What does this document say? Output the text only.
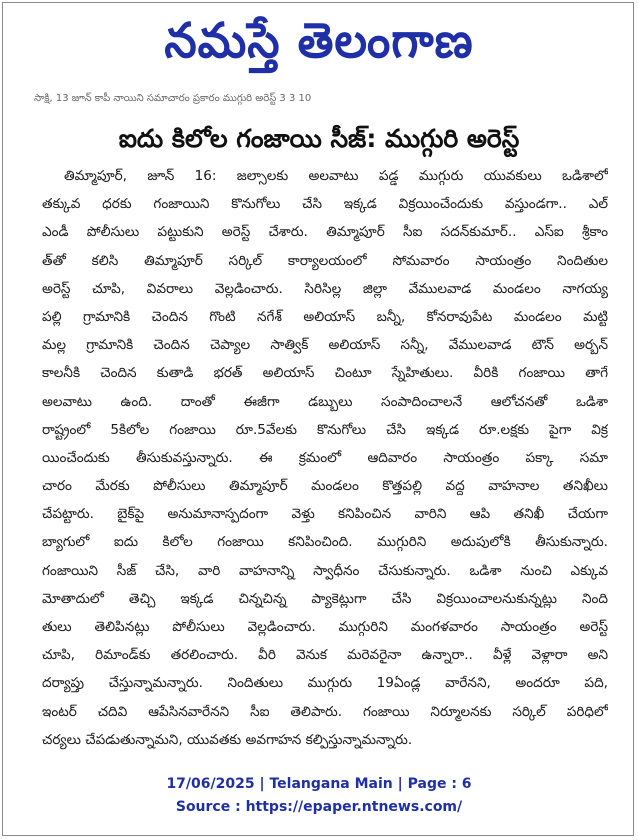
నమస్తే తెలంగాణ
సాక్షి, 13 జూన్ కాపీ నాయిని సమాచారం ప్రకారం ముగ్గురి అరెస్ట్ 3 3 10
ఐదు కిలోల గంజాయి సీజ్: ముగ్గురి అరెస్ట్
తిమ్మాపూర్, జూన్ 16: జల్సాలకు అలవాటు పడ్డ ముగ్గురు యువకులు ఒడిశాలో
తక్కువ ధరకు గంజాయిని కొనుగోలు చేసి ఇక్కడ విక్రయించేందుకు వస్తుండగా.. ఎల్
ఎండీ పోలీసులు పట్టుకుని అరెస్ట్ చేశారు. తిమ్మాపూర్ సీఐ సదన్‌కుమార్.. ఎస్ఐ శ్రీకాం
త్‌తో కలిసి తిమ్మాపూర్ సర్కిల్ కార్యాలయంలో సోమవారం సాయంత్రం నిందితుల
అరెస్ట్ చూపి, వివరాలు వెల్లడించారు. సిరిసిల్ల జిల్లా వేములవాడ మండలం నాగయ్య
పల్లి గ్రామానికి చెందిన గొంటి నగేశ్ అలియాస్ బన్నీ, కోనరావుపేట మండలం మట్టి
మల్ల గ్రామానికి చెందిన చెప్యాల సాత్విక్ అలియాస్ సన్నీ, వేములవాడ టౌన్ అర్బన్
కాలనీకి చెందిన కుతాడి భరత్ అలియాస్ చింటూ స్నేహితులు. వీరికి గంజాయి తాగే
అలవాటు ఉంది. దాంతో ఈజీగా డబ్బులు సంపాదించాలనే ఆలోచనతో ఒడిశా
రాష్ట్రంలో 5కిలోల గంజాయి రూ.5వేలకు కొనుగోలు చేసి ఇక్కడ రూ.లక్షకు పైగా విక్ర
యించేందుకు తీసుకువస్తున్నారు. ఈ క్రమంలో ఆదివారం సాయంత్రం పక్కా సమా
చారం మేరకు పోలీసులు తిమ్మాపూర్ మండలం కొత్తపల్లి వద్ద వాహనాల తనిఖీలు
చేపట్టారు. బైక్‌పై అనుమానాస్పదంగా వెళ్తు కనిపించిన వారిని ఆపి తనిఖీ చేయగా
బ్యాగులో ఐదు కిలోల గంజాయి కనిపించింది. ముగ్గురిని అదుపులోకి తీసుకున్నారు.
గంజాయిని సీజ్ చేసి, వారి వాహనాన్ని స్వాధీనం చేసుకున్నారు. ఒడిశా నుంచి ఎక్కువ
మోతాదులో తెచ్చి ఇక్కడ చిన్నచిన్న ప్యాకెట్లుగా చేసి విక్రయించాలనుకున్నట్లు నింది
తులు తెలిపినట్లు పోలీసులు వెల్లడించారు. ముగ్గురిని మంగళవారం సాయంత్రం అరెస్ట్
చూపి, రిమాండ్‌కు తరలించారు. వీరి వెనుక మరెవరైనా ఉన్నారా.. వీళ్లే వెళ్లారా అని
దర్యాప్తు చేస్తున్నామన్నారు. నిందితులు ముగ్గురు 19ఏండ్ల వారేనని, అందరూ పది,
ఇంటర్ చదివి ఆపేసినవారేనని సీఐ తెలిపారు. గంజాయి నిర్మూలనకు సర్కిల్ పరిధిలో
చర్యలు చేపడుతున్నామని, యువతకు అవగాహన కల్పిస్తున్నామన్నారు.
17/06/2025 | Telangana Main | Page : 6
Source : https://epaper.ntnews.com/
